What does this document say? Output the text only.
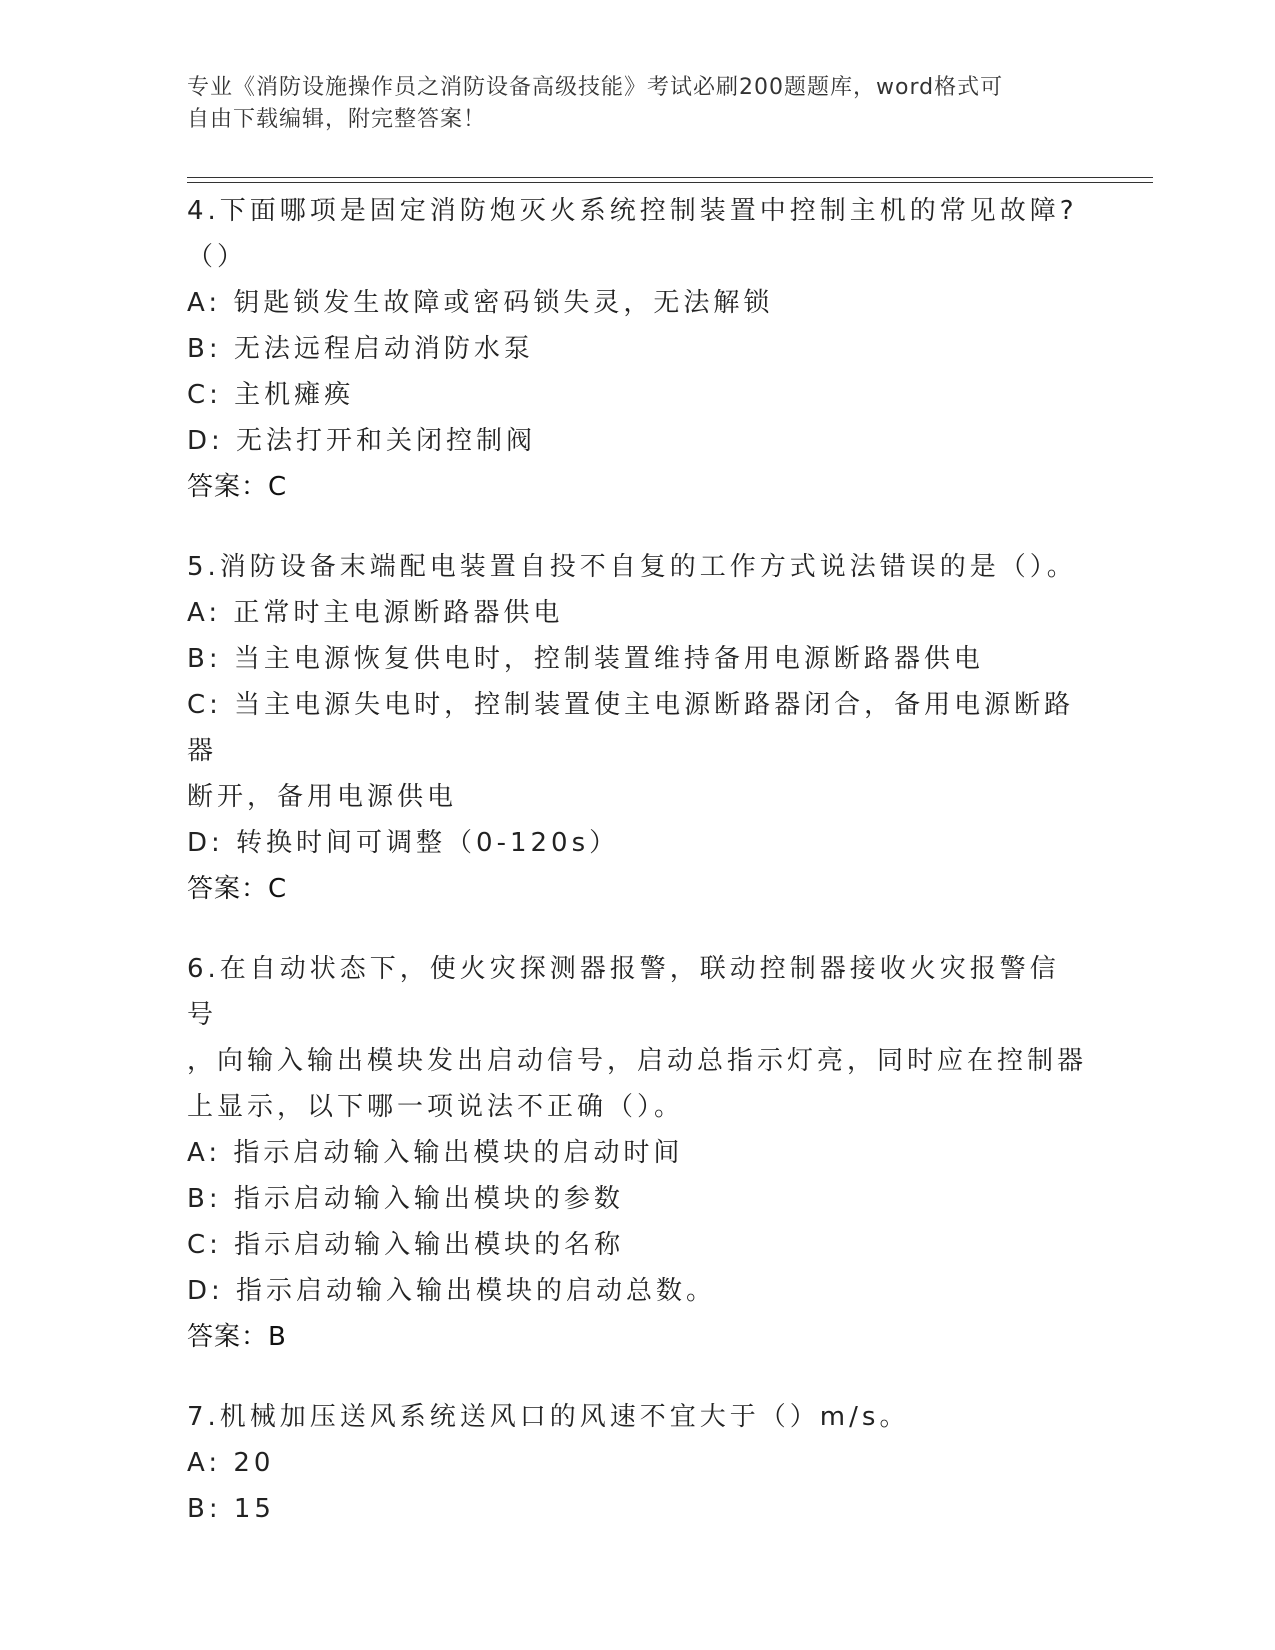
专业《消防设施操作员之消防设备高级技能》考试必刷200题题库，word格式可
自由下载编辑，附完整答案！
4.下面哪项是固定消防炮灭火系统控制装置中控制主机的常见故障?
（）
A: 钥匙锁发生故障或密码锁失灵，无法解锁
B: 无法远程启动消防水泵
C: 主机瘫痪
D: 无法打开和关闭控制阀
答案：C
5.消防设备末端配电装置自投不自复的工作方式说法错误的是（）。
A: 正常时主电源断路器供电
B: 当主电源恢复供电时，控制装置维持备用电源断路器供电
C: 当主电源失电时，控制装置使主电源断路器闭合，备用电源断路器
断开，备用电源供电
D: 转换时间可调整（0-120s）
答案：C
6.在自动状态下，使火灾探测器报警，联动控制器接收火灾报警信号
，向输入输出模块发出启动信号，启动总指示灯亮，同时应在控制器
上显示，以下哪一项说法不正确（）。
A: 指示启动输入输出模块的启动时间
B: 指示启动输入输出模块的参数
C: 指示启动输入输出模块的名称
D: 指示启动输入输出模块的启动总数。
答案：B
7.机械加压送风系统送风口的风速不宜大于（）m/s。
A: 20
B: 15
